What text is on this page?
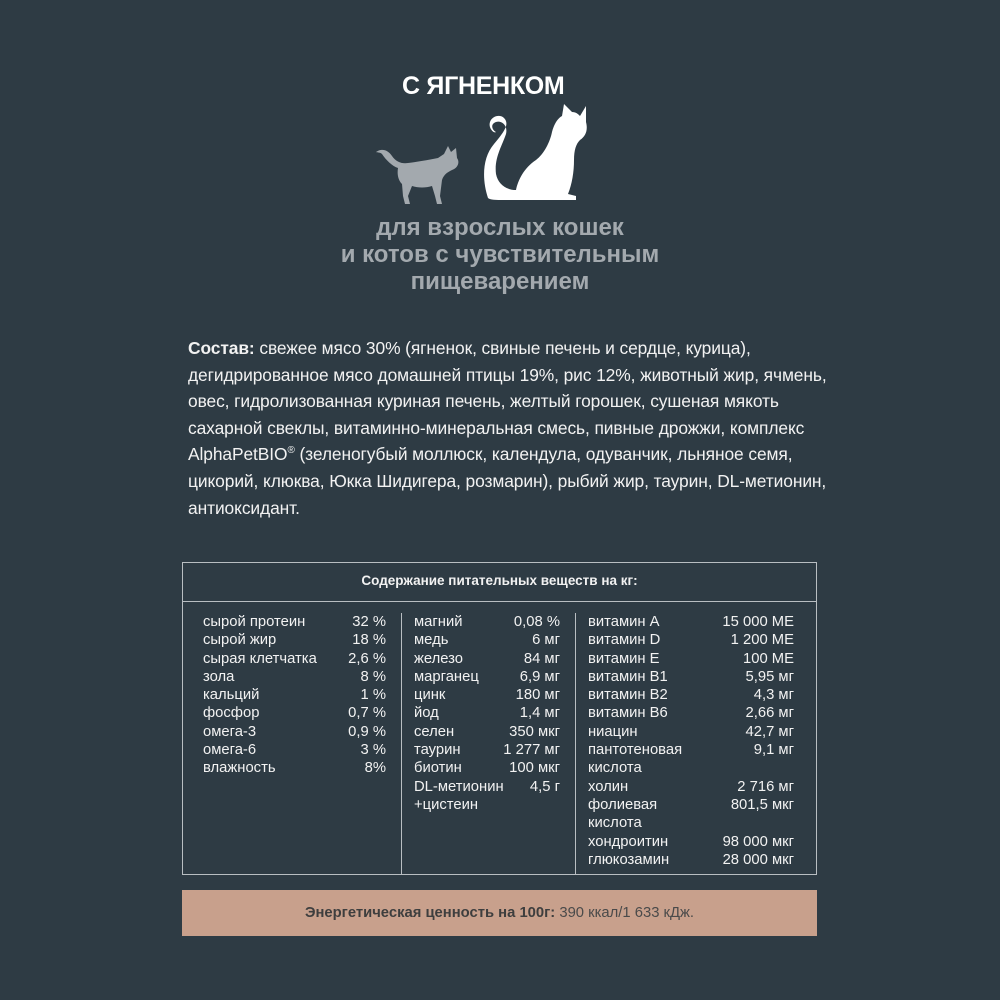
С ЯГНЕНКОМ
для взрослых кошек
и котов с чувствительным
пищеварением
Состав: свежее мясо 30% (ягненок, свиные печень и сердце, курица), дегидрированное мясо домашней птицы 19%, рис 12%, животный жир, ячмень, овес, гидролизованная куриная печень, желтый горошек, сушеная мякоть сахарной свеклы, витаминно-минеральная смесь, пивные дрожжи, комплекс AlphaPetBIO® (зеленогубый моллюск, календула, одуванчик, льняное семя, цикорий, клюква, Юкка Шидигера, розмарин), рыбий жир, таурин, DL-метионин, антиоксидант.
Содержание питательных веществ на кг:
сырой протеин	32 %
сырой жир	18 %
сырая клетчатка 2,6 %
зола	8 %
кальций	1 %
фосфор	0,7 %
омега-3	0,9 %
омега-6	3 %
влажность	8%
магний	0,08 %
медь	6 мг
железо	84 мг
марганец	6,9 мг
цинк	180 мг
йод	1,4 мг
селен	350 мкг
таурин	1 277 мг
биотин	100 мкг
DL-метионин 4,5 г
+цистеин
витамин А	15 000 МЕ
витамин D	1 200 МЕ
витамин Е	100 МЕ
витамин В1	5,95 мг
витамин В2	4,3 мг
витамин В6	2,66 мг
ниацин	42,7 мг
пантотеновая	9,1 мг
кислота
холин	2 716 мг
фолиевая	801,5 мкг
кислота
хондроитин	98 000 мкг
глюкозамин	28 000 мкг
Энергетическая ценность на 100г: 390 ккал/1 633 кДж.
